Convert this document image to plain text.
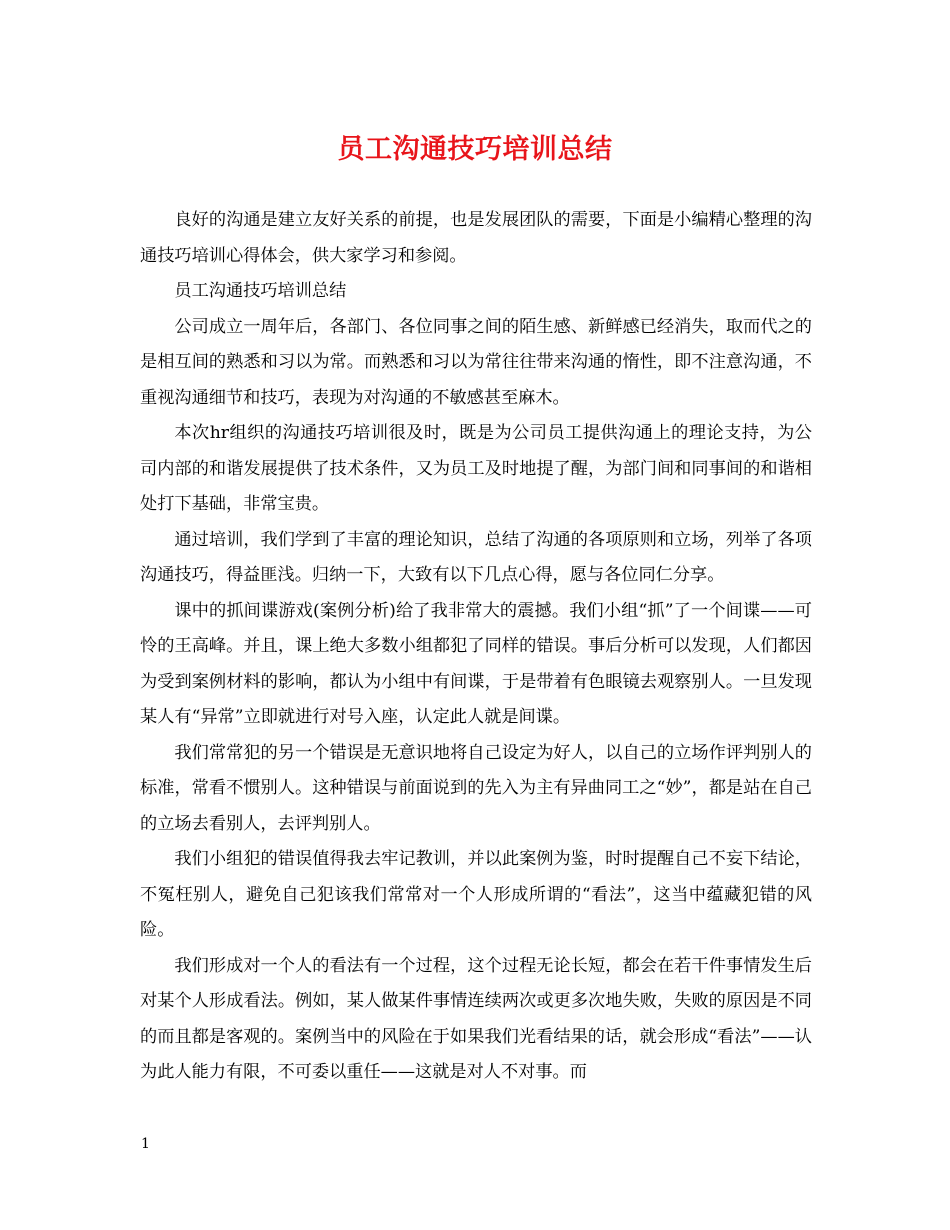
员工沟通技巧培训总结

良好的沟通是建立友好关系的前提，也是发展团队的需要，下面是小编精心整理的沟通技巧培训心得体会，供大家学习和参阅。

员工沟通技巧培训总结

公司成立一周年后，各部门、各位同事之间的陌生感、新鲜感已经消失，取而代之的是相互间的熟悉和习以为常。而熟悉和习以为常往往带来沟通的惰性，即不注意沟通，不重视沟通细节和技巧，表现为对沟通的不敏感甚至麻木。

本次hr组织的沟通技巧培训很及时，既是为公司员工提供沟通上的理论支持，为公司内部的和谐发展提供了技术条件，又为员工及时地提了醒，为部门间和同事间的和谐相处打下基础，非常宝贵。

通过培训，我们学到了丰富的理论知识，总结了沟通的各项原则和立场，列举了各项沟通技巧，得益匪浅。归纳一下，大致有以下几点心得，愿与各位同仁分享。

课中的抓间谍游戏(案例分析)给了我非常大的震撼。我们小组“抓”了一个间谍——可怜的王高峰。并且，课上绝大多数小组都犯了同样的错误。事后分析可以发现，人们都因为受到案例材料的影响，都认为小组中有间谍，于是带着有色眼镜去观察别人。一旦发现某人有“异常”立即就进行对号入座，认定此人就是间谍。

我们常常犯的另一个错误是无意识地将自己设定为好人，以自己的立场作评判别人的标准，常看不惯别人。这种错误与前面说到的先入为主有异曲同工之“妙”，都是站在自己的立场去看别人，去评判别人。

我们小组犯的错误值得我去牢记教训，并以此案例为鉴，时时提醒自己不妄下结论，不冤枉别人，避免自己犯该我们常常对一个人形成所谓的“看法”，这当中蕴藏犯错的风险。

我们形成对一个人的看法有一个过程，这个过程无论长短，都会在若干件事情发生后对某个人形成看法。例如，某人做某件事情连续两次或更多次地失败，失败的原因是不同的而且都是客观的。案例当中的风险在于如果我们光看结果的话，就会形成“看法”——认为此人能力有限，不可委以重任——这就是对人不对事。而

1
